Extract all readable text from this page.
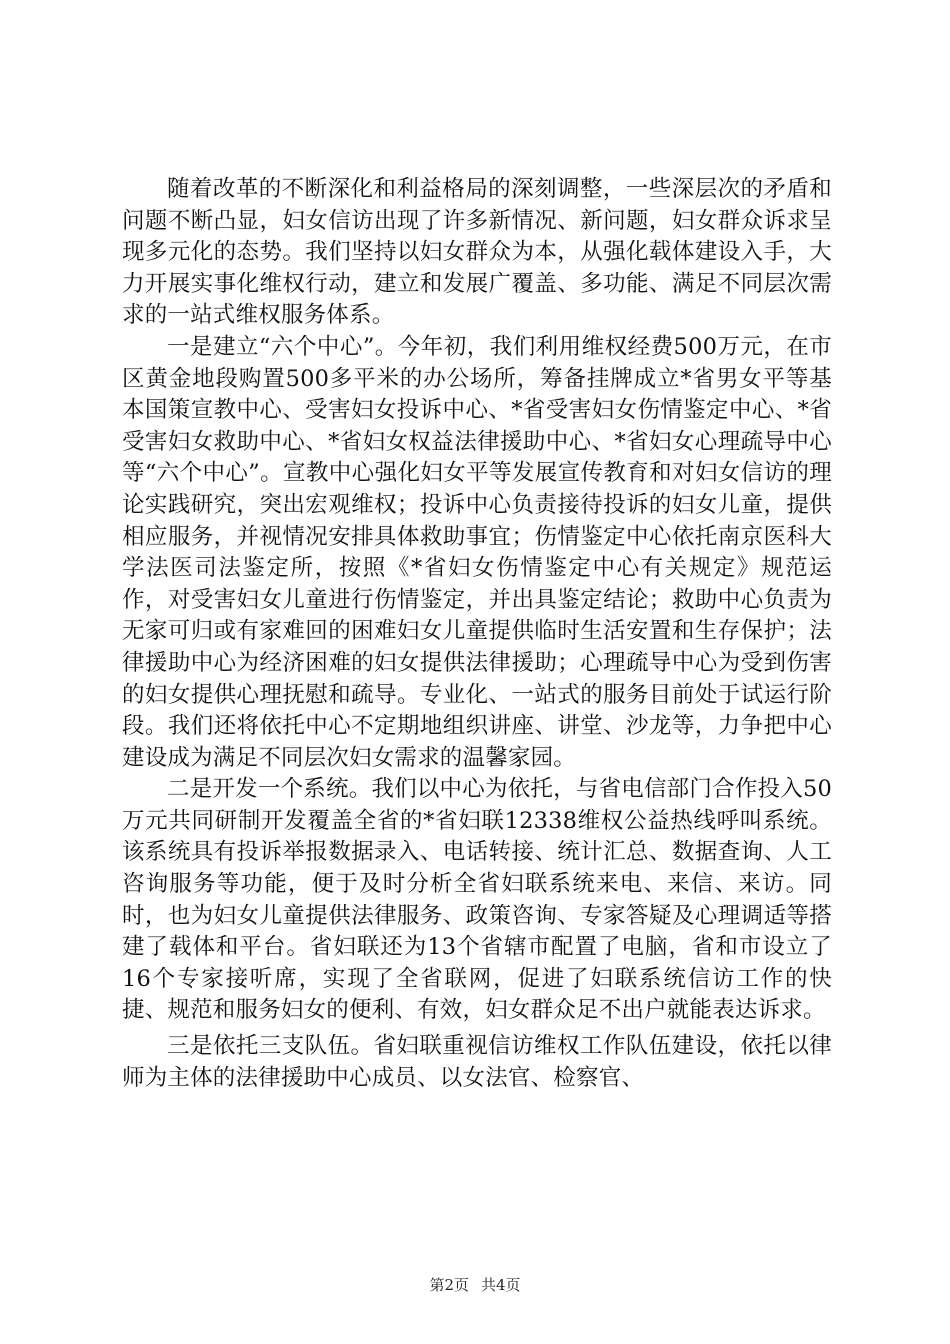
随着改革的不断深化和利益格局的深刻调整，一些深层次的矛盾和问题不断凸显，妇女信访出现了许多新情况、新问题，妇女群众诉求呈现多元化的态势。我们坚持以妇女群众为本，从强化载体建设入手，大力开展实事化维权行动，建立和发展广覆盖、多功能、满足不同层次需求的一站式维权服务体系。

一是建立“六个中心”。今年初，我们利用维权经费500万元，在市区黄金地段购置500多平米的办公场所，筹备挂牌成立*省男女平等基本国策宣教中心、受害妇女投诉中心、*省受害妇女伤情鉴定中心、*省受害妇女救助中心、*省妇女权益法律援助中心、*省妇女心理疏导中心等“六个中心”。宣教中心强化妇女平等发展宣传教育和对妇女信访的理论实践研究，突出宏观维权；投诉中心负责接待投诉的妇女儿童，提供相应服务，并视情况安排具体救助事宜；伤情鉴定中心依托南京医科大学法医司法鉴定所，按照《*省妇女伤情鉴定中心有关规定》规范运作，对受害妇女儿童进行伤情鉴定，并出具鉴定结论；救助中心负责为无家可归或有家难回的困难妇女儿童提供临时生活安置和生存保护；法律援助中心为经济困难的妇女提供法律援助；心理疏导中心为受到伤害的妇女提供心理抚慰和疏导。专业化、一站式的服务目前处于试运行阶段。我们还将依托中心不定期地组织讲座、讲堂、沙龙等，力争把中心建设成为满足不同层次妇女需求的温馨家园。

二是开发一个系统。我们以中心为依托，与省电信部门合作投入50万元共同研制开发覆盖全省的*省妇联12338维权公益热线呼叫系统。该系统具有投诉举报数据录入、电话转接、统计汇总、数据查询、人工咨询服务等功能，便于及时分析全省妇联系统来电、来信、来访。同时，也为妇女儿童提供法律服务、政策咨询、专家答疑及心理调适等搭建了载体和平台。省妇联还为13个省辖市配置了电脑，省和市设立了16个专家接听席，实现了全省联网，促进了妇联系统信访工作的快捷、规范和服务妇女的便利、有效，妇女群众足不出户就能表达诉求。

三是依托三支队伍。省妇联重视信访维权工作队伍建设，依托以律师为主体的法律援助中心成员、以女法官、检察官、

第2页 共4页
